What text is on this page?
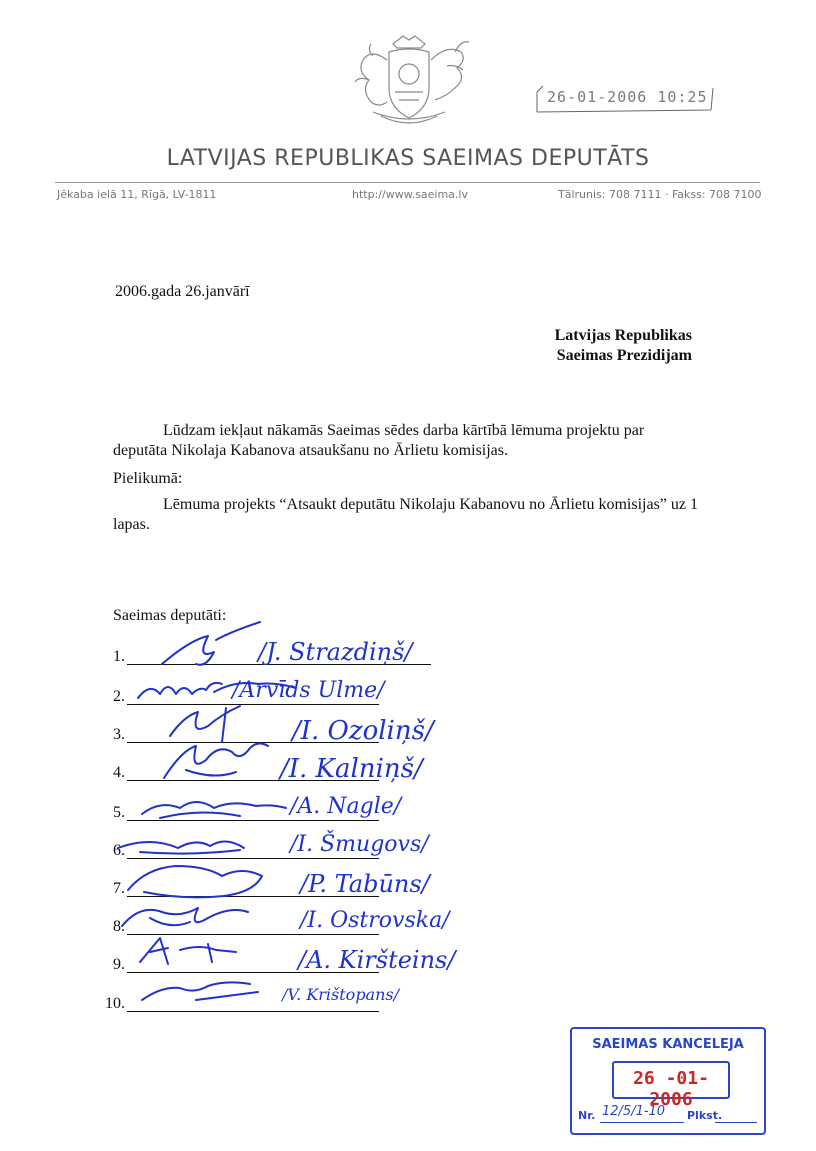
26-01-2006 10:25
LATVIJAS REPUBLIKAS SAEIMAS DEPUTĀTS
Jēkaba ielā 11, Rīgā, LV-1811	http://www.saeima.lv	Tālrunis: 708 7111 · Fakss: 708 7100
2006.gada 26.janvārī
Latvijas Republikas
Saeimas Prezidijam
Lūdzam iekļaut nākamās Saeimas sēdes darba kārtībā lēmuma projektu par deputāta Nikolaja Kabanova atsaukšanu no Ārlietu komisijas.
Pielikumā:
Lēmuma projekts “Atsaukt deputātu Nikolaju Kabanovu no Ārlietu komisijas” uz 1 lapas.
Saeimas deputāti:
1.	/J. Strazdiņš/
2.	/Arvīds Ulme/
3.	/I. Ozoliņš/
4.	/I. Kalniņš/
5.	/A. Nagle/
6.	/I. Šmugovs/
7.	/P. Tabūns/
8.	/I. Ostrovska/
9.	/A. Kiršteins/
10.	/V. Krištopans/
SAEIMAS KANCELEJA
26 -01- 2006
Nr. 12/5/1-10 Plkst.
